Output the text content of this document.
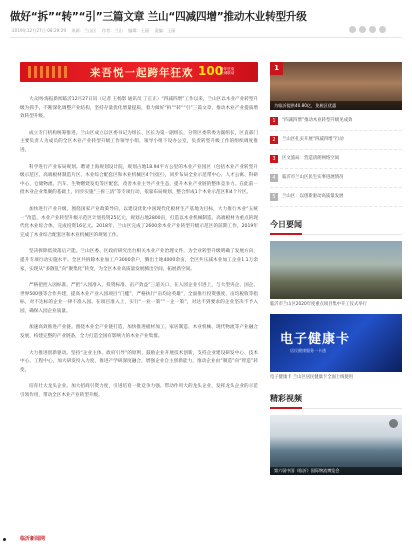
做好“拆”“转”“引”三篇文章 兰山“四减四增”推动木业转型升级
2019年12月27日 08:29:29 来源：兰山区 作者：兰山 编辑：王丽 责编：王丽
来吾悦一起跨年狂欢 100
跨年狂欢
全城联动

大众网·海报新闻临沂12月27日讯（记者 王杨影 通讯员 丁正正）“四减四增”工作以来，兰山区以木业产业转型升级为抓手，不断深化调整产业结构，坚持存量优化增量提质，着力做好“拆”“转”“引”三篇文章，推动木业产业提质增效转型升级。

成立专门机构统筹推进。兰山区成立以区委书记为组长、区长为第一副组长，分管区委常委为副组长，区直部门主要负责人为成员的全区木业产业转型升级工作领导小组，领导小组下设办公室，负责转型升级工作的组织调度推进。

科学进行产业布局规划。聘请上海规划设计院，规划占地18.94平方公里的木业产业园区（包括木业产业转型升级示范区、高端板材制造片区、木业综合配套区和木业机械区4个园区），同步布局全业示范带中心、人才公寓、科研中心、仓储物流、汽车、生物燃烧发电等区配套，改善木业主导产业生态，提升木业产业链的整体竞争力。在此前一批木业企业集聚的基础上，同步实施“三拆三清”等专项行动，依靠布局规划，整合形成1个木业示范区和4个片区。

加快进行产业升级。围绕国家产业政策导向，以建设优化中国现代化板材生产基地为目标，大力推行木业“五统一”改造，木业产业转型升级示范区计划投资25亿元，规划占地2800亩，打造以木业机械制造、高端板材为重点的现代化木业综合体，完成投资16亿元。2018年，兰山区完成了2600余木业产业转型升级示范区的前期工作，2019年完成了木业综合配套区和木业机械区的规划工作。

坚决拆除低效落后产能。兰山区委、区政府研究出台相关木业产业治理文件，为全业转型升级明确了发展方向，提升专项行动实施水平。全区共拆除木业加工户3000余户，腾出土地4000余亩，全区共压减木业加工企业1.1万余家，实现从“多散乱”向“聚集化”转变，为全区木业高质量发展腾出空间，拓展新空间。

严格把控入园标准。严把“入园准入、投资标准、亩产效益”三道关口，在入园企业引进上，与大型央企、国企、世界500强等合作共建，提高木业产业入园项目“门槛”，严格执行“亩均论英雄”，全面推行投资强度、亩均税收等指标，对不达标的企业一律不准入园。在项目准入上，实行“一业一策”“一企一策”，对达不到要求的企业坚决不予入园，确保入园企业质量。

加速高效推进产业链。围绕木业全产业链打造，加快推进板材加工、家居制造、木业机械、现代物流等产业融合发展，构建完整的产业链条，全力打造全国有影响力的木业产业集群。

大力推进创新驱动。坚持“企业主体、政府引导”的原则，鼓励企业开展技术创新，支持企业建设研发中心、技术中心、工程中心，加大研发投入力度，推进产学研深度融合，增强企业自主创新能力，推动企业由“制造”向“智造”转变。

培育壮大龙头企业。加大招商引资力度，引进培育一批竞争力强、带动作用大的龙头企业，发挥龙头企业的示范引领作用，带动全区木业产业转型升级。

1
为临沂提供40.80亿，免税区优惠
1	“四减四增”推动木业转型升级见成效
2	兰山区扎实开展“四减四增”行动
3	区文旅局：营造清朗网络空间
4	临沂市兰山区民生实事进展情况
5	兰山区：以创新驱动高质量发展
今日要闻
临沂市兰山区2020年度重点项目集中开工仪式举行
电子健康卡
居民健康服务一卡通
电子健康卡 兰山区居民健康卡全面上线使用
精彩视频
第六届中国（临沂）国际物流博览会
临沂新闻网
